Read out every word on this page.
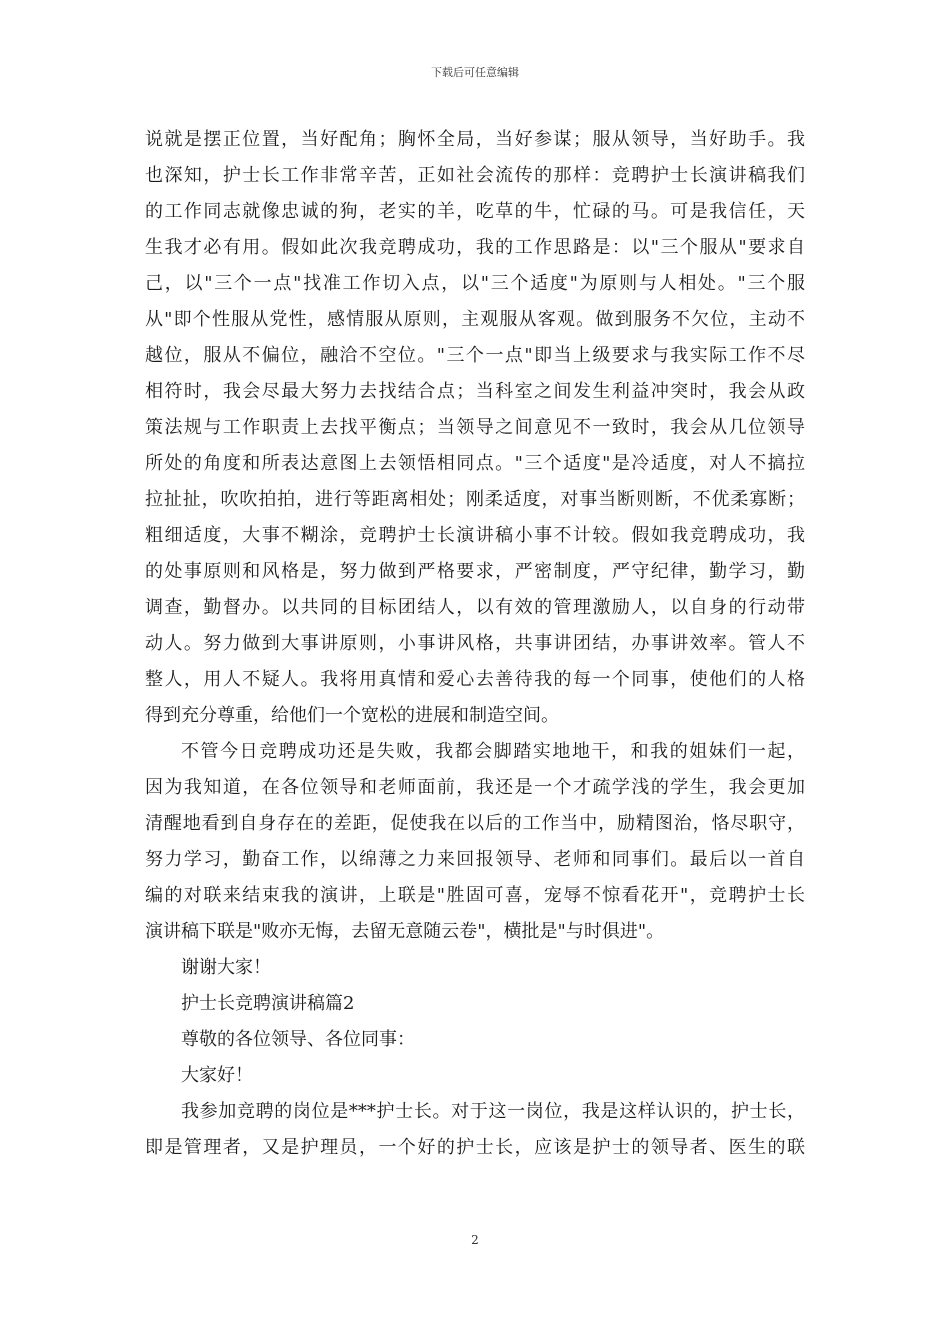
下载后可任意编辑
说就是摆正位置，当好配角；胸怀全局，当好参谋；服从领导，当好助手。我
也深知，护士长工作非常辛苦，正如社会流传的那样：竞聘护士长演讲稿我们
的工作同志就像忠诚的狗，老实的羊，吃草的牛，忙碌的马。可是我信任，天
生我才必有用。假如此次我竞聘成功，我的工作思路是：以"三个服从"要求自
己，以"三个一点"找准工作切入点，以"三个适度"为原则与人相处。"三个服
从"即个性服从党性，感情服从原则，主观服从客观。做到服务不欠位，主动不
越位，服从不偏位，融洽不空位。"三个一点"即当上级要求与我实际工作不尽
相符时，我会尽最大努力去找结合点；当科室之间发生利益冲突时，我会从政
策法规与工作职责上去找平衡点；当领导之间意见不一致时，我会从几位领导
所处的角度和所表达意图上去领悟相同点。"三个适度"是冷适度，对人不搞拉
拉扯扯，吹吹拍拍，进行等距离相处；刚柔适度，对事当断则断，不优柔寡断；
粗细适度，大事不糊涂，竞聘护士长演讲稿小事不计较。假如我竞聘成功，我
的处事原则和风格是，努力做到严格要求，严密制度，严守纪律，勤学习，勤
调查，勤督办。以共同的目标团结人，以有效的管理激励人，以自身的行动带
动人。努力做到大事讲原则，小事讲风格，共事讲团结，办事讲效率。管人不
整人，用人不疑人。我将用真情和爱心去善待我的每一个同事，使他们的人格
得到充分尊重，给他们一个宽松的进展和制造空间。
不管今日竞聘成功还是失败，我都会脚踏实地地干，和我的姐妹们一起，
因为我知道，在各位领导和老师面前，我还是一个才疏学浅的学生，我会更加
清醒地看到自身存在的差距，促使我在以后的工作当中，励精图治，恪尽职守，
努力学习，勤奋工作，以绵薄之力来回报领导、老师和同事们。最后以一首自
编的对联来结束我的演讲，上联是"胜固可喜，宠辱不惊看花开"，竞聘护士长
演讲稿下联是"败亦无悔，去留无意随云卷"，横批是"与时俱进"。
谢谢大家！
护士长竞聘演讲稿篇2
尊敬的各位领导、各位同事：
大家好！
我参加竞聘的岗位是***护士长。对于这一岗位，我是这样认识的，护士长，
即是管理者，又是护理员，一个好的护士长，应该是护士的领导者、医生的联
2
